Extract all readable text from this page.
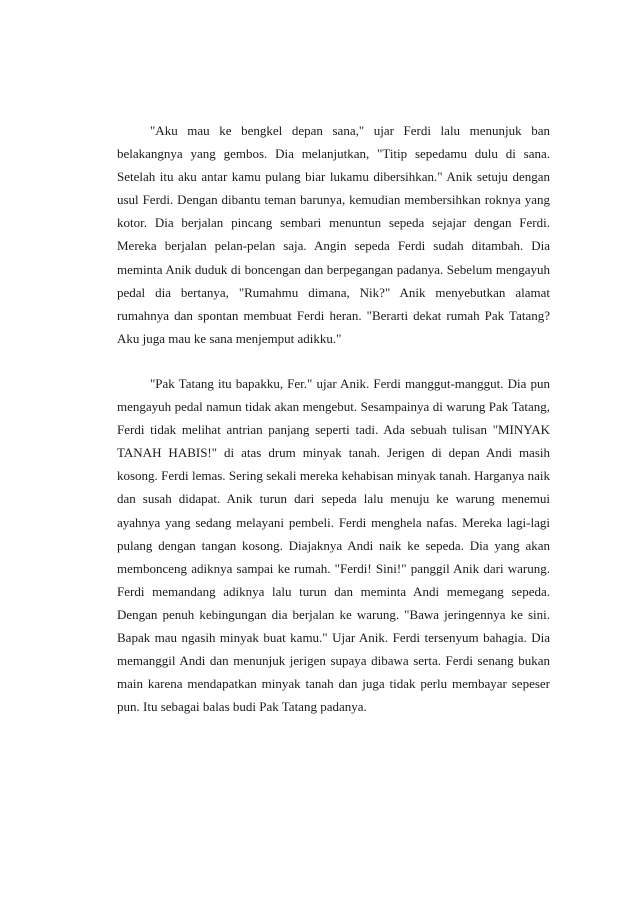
"Aku mau ke bengkel depan sana," ujar Ferdi lalu menunjuk ban belakangnya yang gembos. Dia melanjutkan, "Titip sepedamu dulu di sana. Setelah itu aku antar kamu pulang biar lukamu dibersihkan." Anik setuju dengan usul Ferdi. Dengan dibantu teman barunya, kemudian membersihkan roknya yang kotor. Dia berjalan pincang sembari menuntun sepeda sejajar dengan Ferdi. Mereka berjalan pelan-pelan saja. Angin sepeda Ferdi sudah ditambah. Dia meminta Anik duduk di boncengan dan berpegangan padanya. Sebelum mengayuh pedal dia bertanya, "Rumahmu dimana, Nik?" Anik menyebutkan alamat rumahnya dan spontan membuat Ferdi heran. "Berarti dekat rumah Pak Tatang? Aku juga mau ke sana menjemput adikku."

"Pak Tatang itu bapakku, Fer." ujar Anik. Ferdi manggut-manggut. Dia pun mengayuh pedal namun tidak akan mengebut. Sesampainya di warung Pak Tatang, Ferdi tidak melihat antrian panjang seperti tadi. Ada sebuah tulisan "MINYAK TANAH HABIS!" di atas drum minyak tanah. Jerigen di depan Andi masih kosong. Ferdi lemas. Sering sekali mereka kehabisan minyak tanah. Harganya naik dan susah didapat. Anik turun dari sepeda lalu menuju ke warung menemui ayahnya yang sedang melayani pembeli. Ferdi menghela nafas. Mereka lagi-lagi pulang dengan tangan kosong. Diajaknya Andi naik ke sepeda. Dia yang akan membonceng adiknya sampai ke rumah. "Ferdi! Sini!" panggil Anik dari warung. Ferdi memandang adiknya lalu turun dan meminta Andi memegang sepeda. Dengan penuh kebingungan dia berjalan ke warung. "Bawa jeringennya ke sini. Bapak mau ngasih minyak buat kamu." Ujar Anik. Ferdi tersenyum bahagia. Dia memanggil Andi dan menunjuk jerigen supaya dibawa serta. Ferdi senang bukan main karena mendapatkan minyak tanah dan juga tidak perlu membayar sepeser pun. Itu sebagai balas budi Pak Tatang padanya.
